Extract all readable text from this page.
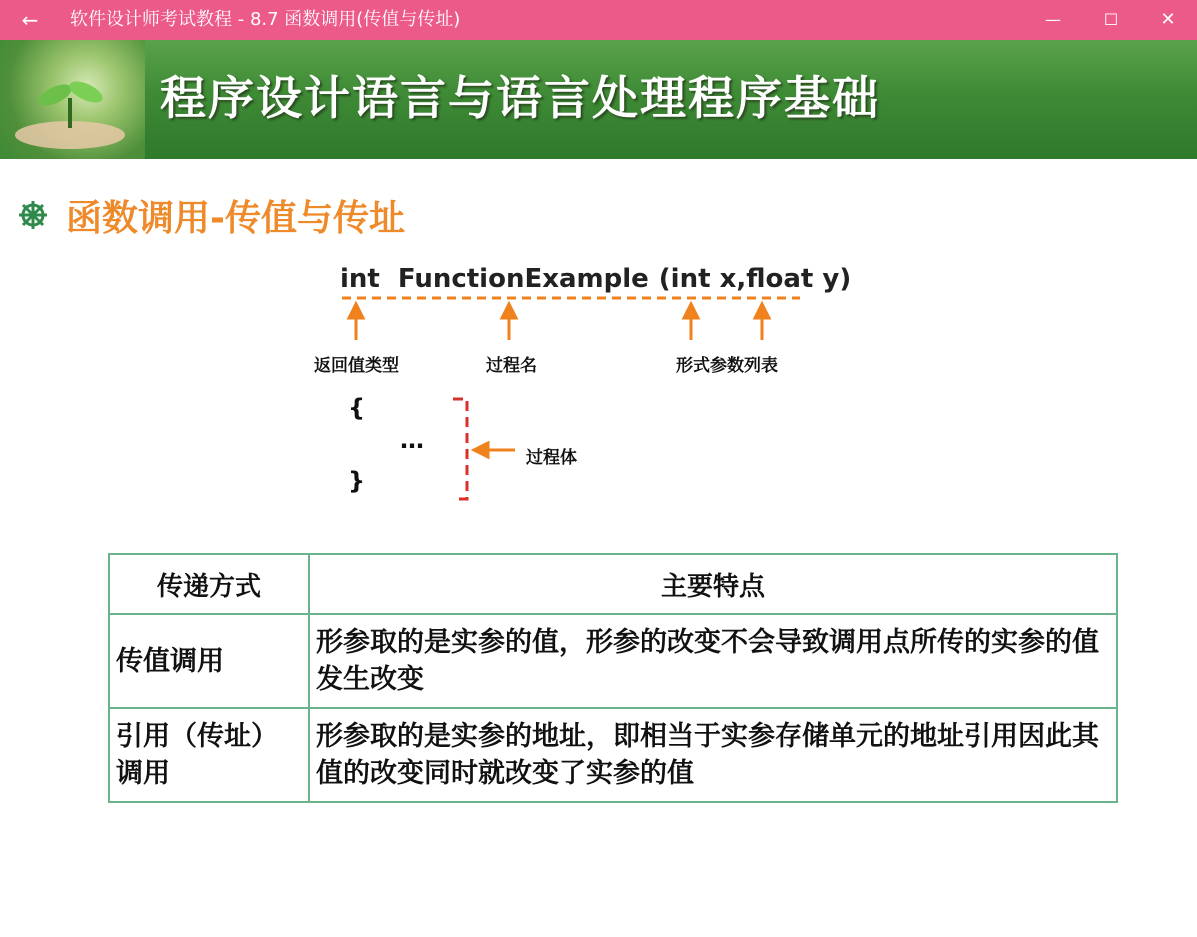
←	软件设计师考试教程 - 8.7 函数调用(传值与传址)	—	☐	✕
程序设计语言与语言处理程序基础
函数调用-传值与传址
int FunctionExample (int x,float y)
返回值类型	过程名	形式参数列表
过程体
{
…
}
传递方式	主要特点
传值调用	形参取的是实参的值，形参的改变不会导致调用点所传的实参的值发生改变
引用（传址）调用	形参取的是实参的地址，即相当于实参存储单元的地址引用因此其值的改变同时就改变了实参的值
